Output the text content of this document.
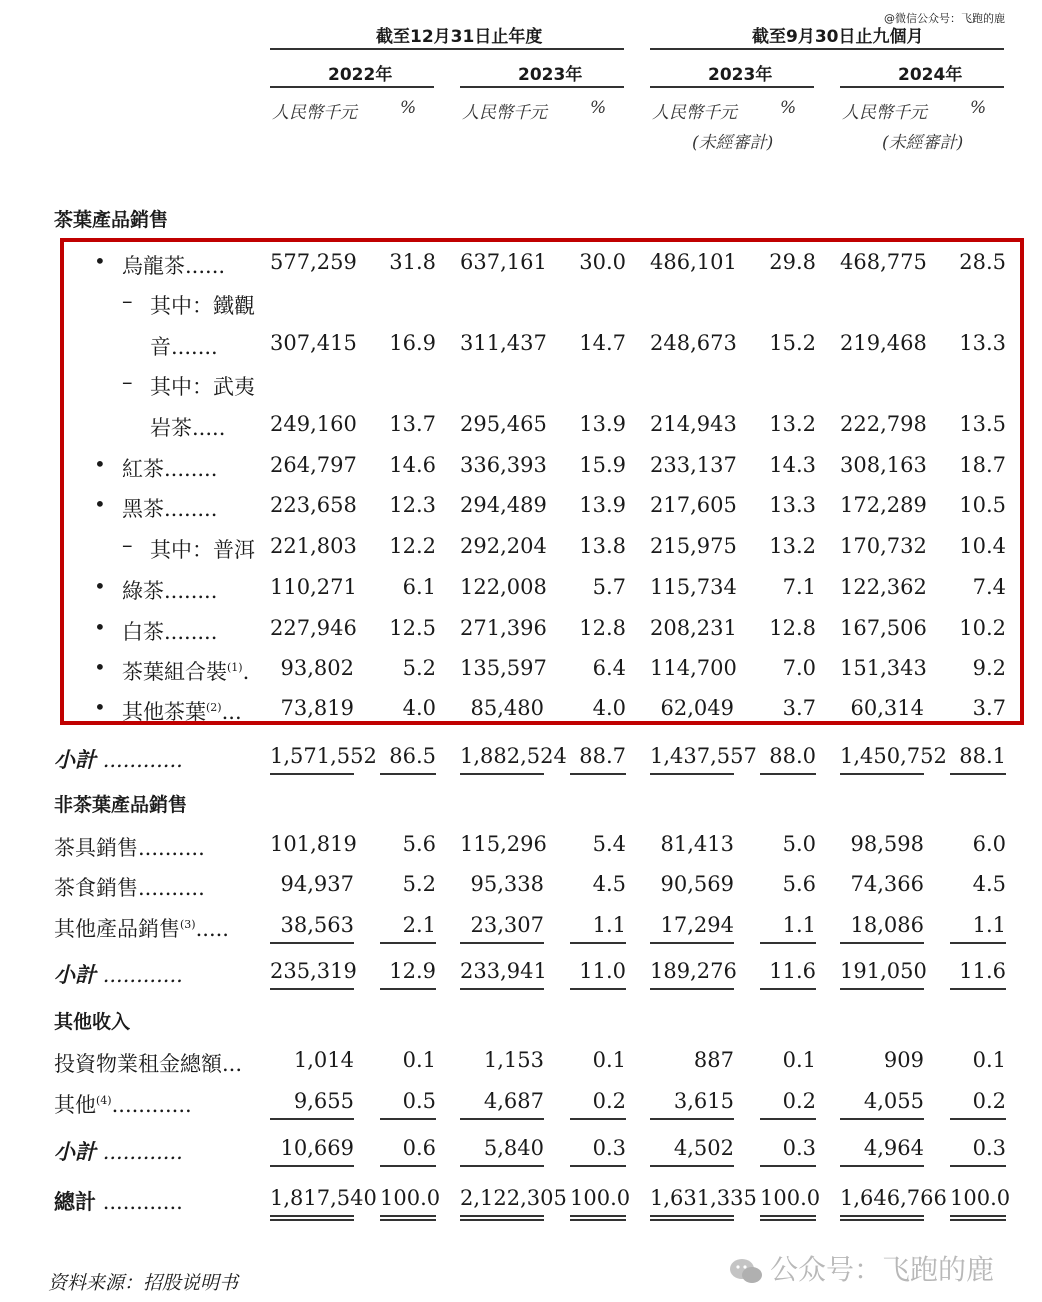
@微信公众号：飞跑的鹿
截至12月31日止年度	截至9月30日止九個月
2022年	2023年	2023年	2024年
人民幣千元	%	人民幣千元	%	人民幣千元	%	人民幣千元	%
(未經審計)	(未經審計)
茶葉產品銷售
• 烏龍茶...... 577,259	31.8 637,161	30.0 486,101	29.8 468,775	28.5
– 其中：鐵觀
音....... 307,415	16.9 311,437	14.7 248,673	15.2 219,468	13.3
– 其中：武夷
岩茶..... 249,160	13.7 295,465	13.9 214,943	13.2 222,798	13.5
• 紅茶........	264,797	14.6 336,393	15.9 233,137	14.3 308,163	18.7
• 黑茶........	223,658	12.3 294,489	13.9 217,605	13.3 172,289	10.5
– 其中：普洱 221,803	12.2 292,204	13.8 215,975	13.2 170,732	10.4
• 綠茶........	110,271	6.1 122,008	5.7 115,734	7.1 122,362	7.4
• 白茶........	227,946	12.5 271,396	12.8 208,231	12.8 167,506	10.2
• 茶葉組合裝$^{(1)}$.	93,802	5.2 135,597	6.4 114,700	7.0 151,343	9.2
• 其他茶葉$^{(2)}$...	73,819	4.0	85,480	4.0	62,049	3.7	60,314	3.7
小計 ............	1,571,552 86.5 1,882,524 88.7 1,437,557 88.0 1,450,752 88.1
非茶葉產品銷售
茶具銷售..........	101,819	5.6 115,296	5.4	81,413	5.0	98,598	6.0
茶食銷售..........	94,937	5.2	95,338	4.5	90,569	5.6	74,366	4.5
其他產品銷售$^{(3)}$.....	38,563	2.1	23,307	1.1	17,294	1.1	18,086	1.1
小計 ............	235,319	12.9 233,941	11.0 189,276	11.6 191,050	11.6
其他收入
投資物業租金總額...	1,014	0.1	1,153	0.1	887	0.1	909	0.1
其他$^{(4)}$............	9,655	0.5	4,687	0.2	3,615	0.2	4,055	0.2
小計 ............	10,669	0.6	5,840	0.3	4,502	0.3	4,964	0.3
總計 ............	1,817,540 100.0 2,122,305 100.0 1,631,335 100.0 1,646,766 100.0
资料来源：招股说明书	公众号：飞跑的鹿
